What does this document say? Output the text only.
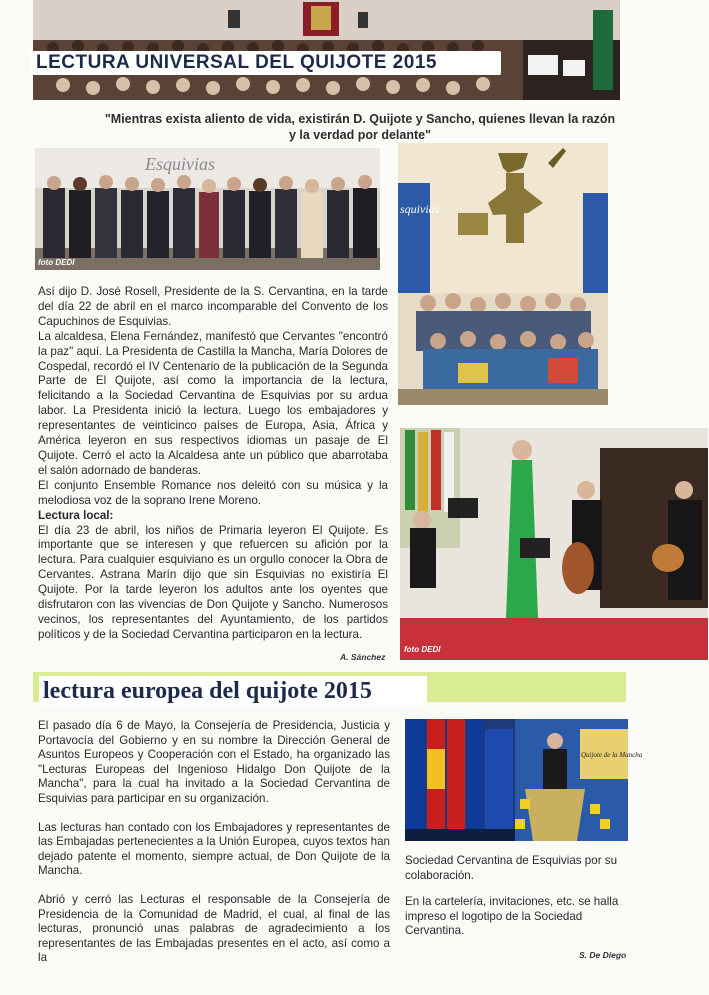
LECTURA UNIVERSAL DEL QUIJOTE 2015
"Mientras exista aliento de vida, existirán D. Quijote y Sancho, quienes llevan la razón
y la verdad por delante"
Esquivias
foto DEDI
squivias

Así dijo D. José Rosell, Presidente de la S. Cervantina, en la tarde del día 22 de abril en el marco incomparable del Convento de los Capuchinos de Esquivias.

La alcaldesa, Elena Fernández, manifestó que Cervantes "encontró la paz" aquí. La Presidenta de Castilla la Mancha, María Dolores de Cospedal, recordó el IV Centenario de la publicación de la Segunda Parte de El Quijote, así como la importancia de la lectura, felicitando a la Sociedad Cervantina de Esquivias por su ardua labor. La Presidenta inició la lectura. Luego los embajadores y representantes de veinticinco países de Europa, Asia, África y América leyeron en sus respectivos idiomas un pasaje de El Quijote. Cerró el acto la Alcaldesa ante un público que abarrotaba el salón adornado de banderas.

El conjunto Ensemble Romance nos deleitó con su música y la melodiosa voz de la soprano Irene Moreno.

Lectura local:

El día 23 de abril, los niños de Primaria leyeron El Quijote. Es importante que se interesen y que refuercen su afición por la lectura. Para cualquier esquiviano es un orgullo conocer la Obra de Cervantes. Astrana Marín dijo que sin Esquivias no existiría El Quijote. Por la tarde leyeron los adultos ante los oyentes que disfrutaron con las vivencias de Don Quijote y Sancho. Numerosos vecinos, los representantes del Ayuntamiento, de los partidos políticos y de la Sociedad Cervantina participaron en la lectura.

A. Sánchez
foto DEDI
lectura europea del quijote 2015

El pasado día 6 de Mayo, la Consejería de Presidencia, Justicia y Portavocía del Gobierno y en su nombre la Dirección General de Asuntos Europeos y Cooperación con el Estado, ha organizado las "Lecturas Europeas del Ingenioso Hidalgo Don Quijote de la Mancha", para la cual ha invitado a la Sociedad Cervantina de Esquivias para participar en su organización.

Las lecturas han contado con los Embajadores y representantes de las Embajadas pertenecientes a la Unión Europea, cuyos textos han dejado patente el momento, siempre actual, de Don Quijote de la Mancha.

Abrió y cerró las Lecturas el responsable de la Consejería de Presidencia de la Comunidad de Madrid, el cual, al final de las lecturas, pronunció unas palabras de agradecimiento a los representantes de las Embajadas presentes en el acto, así como a la

Quijote de la Mancha

Sociedad Cervantina de Esquivias por su colaboración.

En la cartelería, invitaciones, etc. se halla impreso el logotipo de la Sociedad Cervantina.

S. De Diego
